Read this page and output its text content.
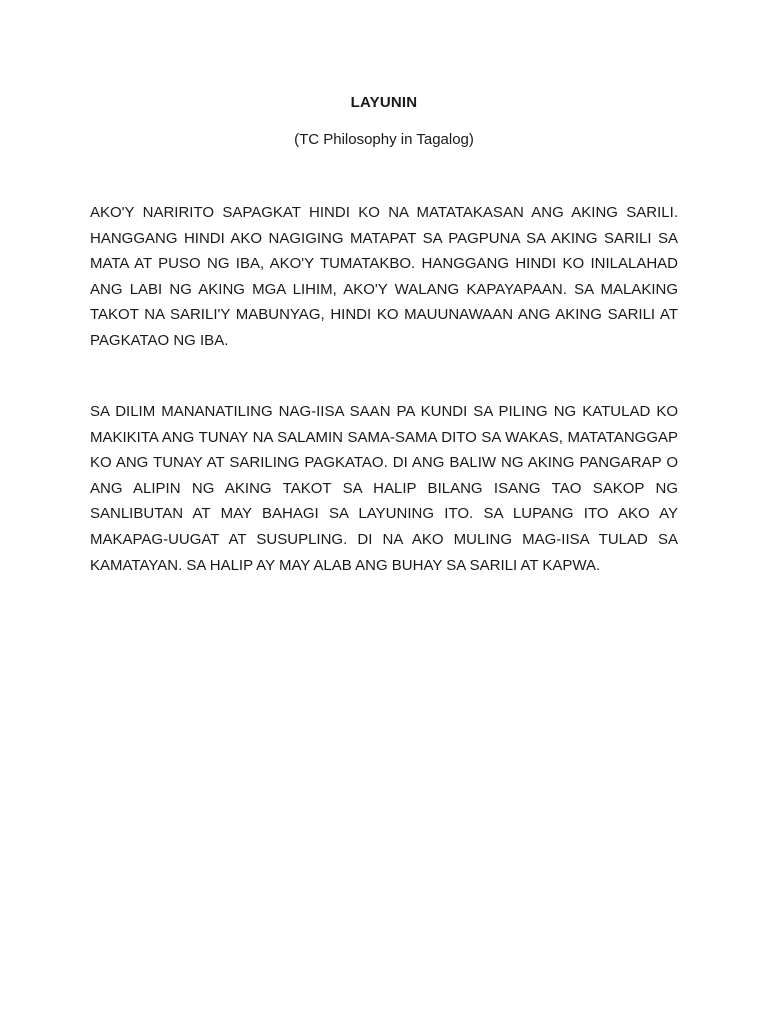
LAYUNIN
(TC Philosophy in Tagalog)

AKO'Y NARIRITO SAPAGKAT HINDI KO NA MATATAKASAN ANG AKING SARILI. HANGGANG HINDI AKO NAGIGING MATAPAT SA PAGPUNA SA AKING SARILI SA MATA AT PUSO NG IBA, AKO'Y TUMATAKBO. HANGGANG HINDI KO INILALAHAD ANG LABI NG AKING MGA LIHIM, AKO'Y WALANG KAPAYAPAAN. SA MALAKING TAKOT NA SARILI'Y MABUNYAG, HINDI KO MAUUNAWAAN ANG AKING SARILI AT PAGKATAO NG IBA.

SA DILIM MANANATILING NAG-IISA SAAN PA KUNDI SA PILING NG KATULAD KO MAKIKITA ANG TUNAY NA SALAMIN SAMA-SAMA DITO SA WAKAS, MATATANGGAP KO ANG TUNAY AT SARILING PAGKATAO. DI ANG BALIW NG AKING PANGARAP O ANG ALIPIN NG AKING TAKOT SA HALIP BILANG ISANG TAO SAKOP NG SANLIBUTAN AT MAY BAHAGI SA LAYUNING ITO. SA LUPANG ITO AKO AY MAKAPAG-UUGAT AT SUSUPLING. DI NA AKO MULING MAG-IISA TULAD SA KAMATAYAN. SA HALIP AY MAY ALAB ANG BUHAY SA SARILI AT KAPWA.
